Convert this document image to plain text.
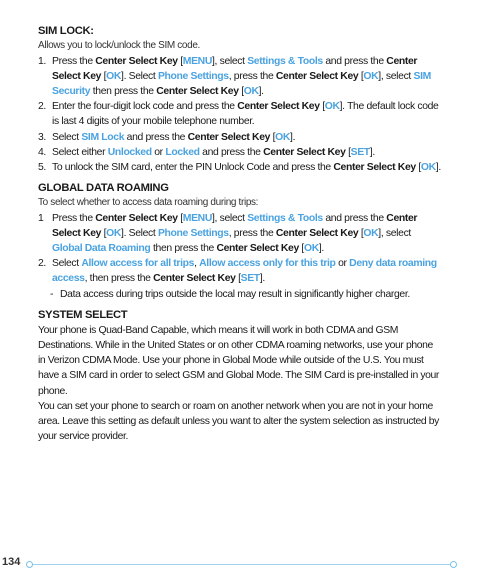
SIM LOCK:
Allows you to lock/unlock the SIM code.
1. Press the Center Select Key [MENU], select Settings & Tools and press the Center Select Key [OK]. Select Phone Settings, press the Center Select Key [OK], select SIM Security then press the Center Select Key [OK].
2. Enter the four-digit lock code and press the Center Select Key [OK]. The default lock code is last 4 digits of your mobile telephone number.
3. Select SIM Lock and press the Center Select Key [OK].
4. Select either Unlocked or Locked and press the Center Select Key [SET].
5. To unlock the SIM card, enter the PIN Unlock Code and press the Center Select Key [OK].
GLOBAL DATA ROAMING
To select whether to access data roaming during trips:
1 Press the Center Select Key [MENU], select Settings & Tools and press the Center Select Key [OK]. Select Phone Settings, press the Center Select Key [OK], select Global Data Roaming then press the Center Select Key [OK].
2. Select Allow access for all trips, Allow access only for this trip or Deny data roaming access, then press the Center Select Key [SET].
- Data access during trips outside the local may result in significantly higher charger.
SYSTEM SELECT
Your phone is Quad-Band Capable, which means it will work in both CDMA and GSM Destinations. While in the United States or on other CDMA roaming networks, use your phone in Verizon CDMA Mode. Use your phone in Global Mode while outside of the U.S. You must have a SIM card in order to select GSM and Global Mode. The SIM Card is pre-installed in your phone.
You can set your phone to search or roam on another network when you are not in your home area. Leave this setting as default unless you want to alter the system selection as instructed by your service provider.
134
